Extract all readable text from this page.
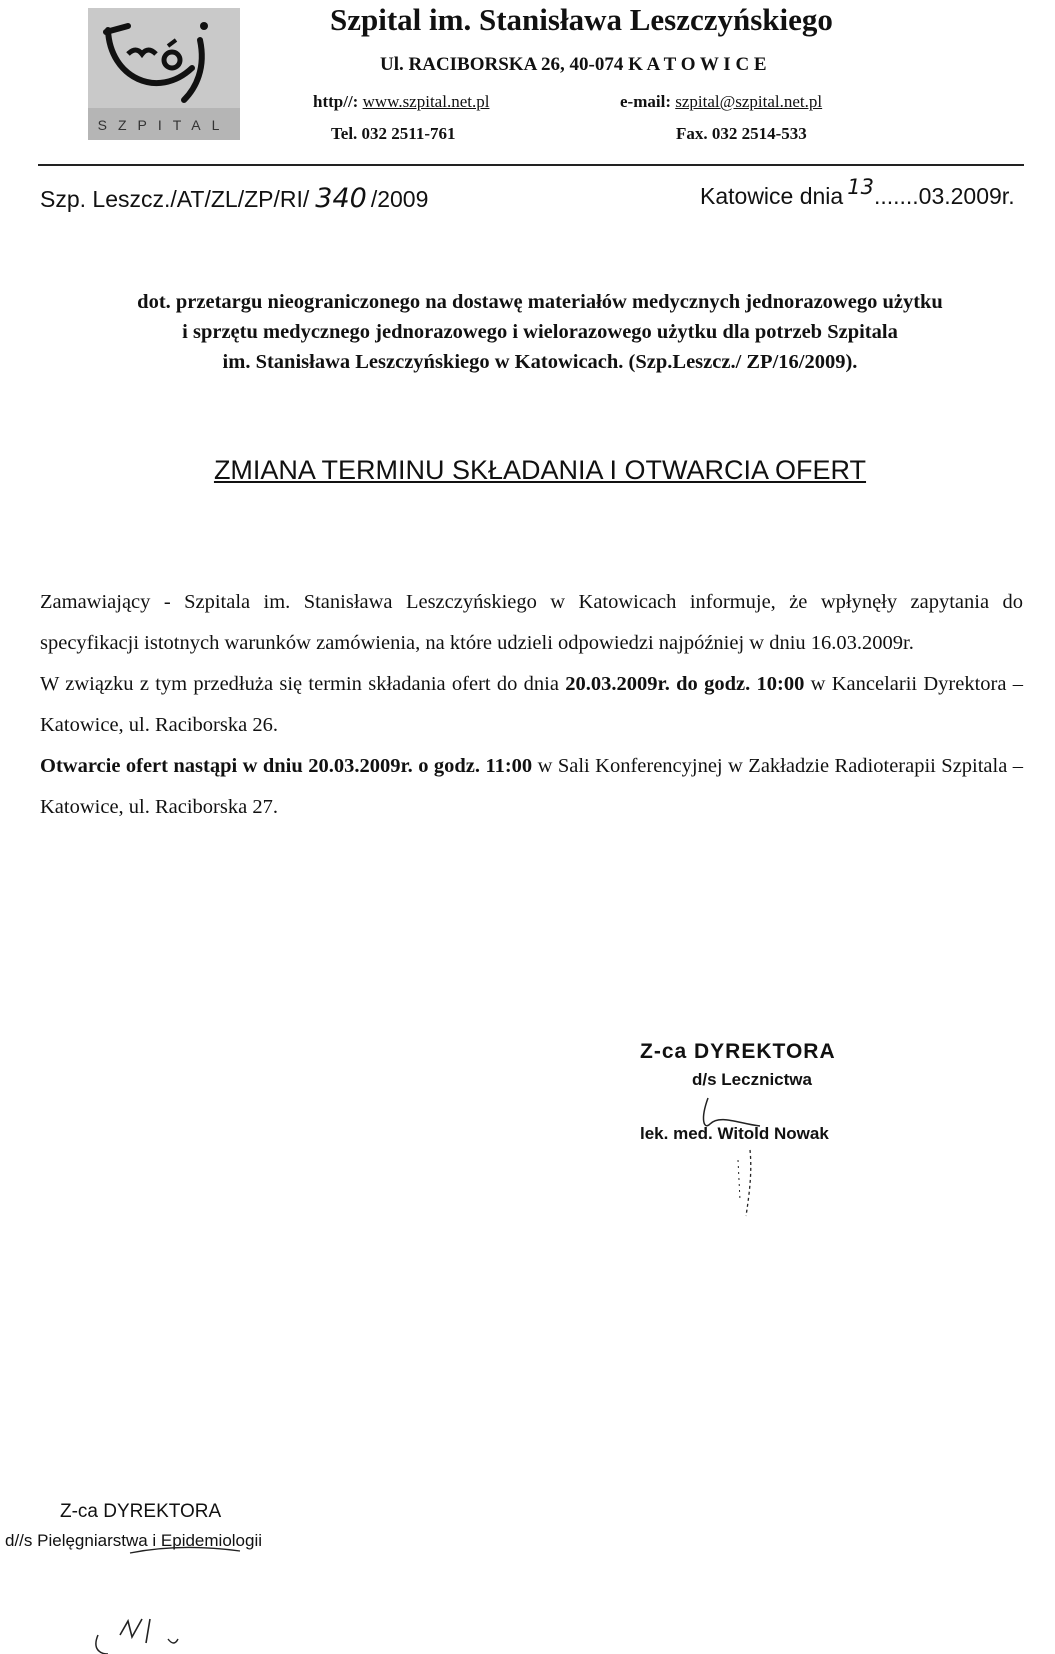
SZPITAL
Szpital im. Stanisława Leszczyńskiego
Ul. RACIBORSKA 26, 40-074 K A T O W I C E
http//: www.szpital.net.pl	e-mail: szpital@szpital.net.pl
Tel. 032 2511-761	Fax. 032 2514-533
Szp. Leszcz./AT/ZL/ZP/RI/ 340 /2009	Katowice dnia 13.......03.2009r.
dot. przetargu nieograniczonego na dostawę materiałów medycznych jednorazowego użytku
i sprzętu medycznego jednorazowego i wielorazowego użytku dla potrzeb Szpitala
im. Stanisława Leszczyńskiego w Katowicach. (Szp.Leszcz./ ZP/16/2009).
ZMIANA TERMINU SKŁADANIA I OTWARCIA OFERT

Zamawiający - Szpitala im. Stanisława Leszczyńskiego w Katowicach informuje, że wpłynęły zapytania do specyfikacji istotnych warunków zamówienia, na które udzieli odpowiedzi najpóźniej w dniu 16.03.2009r.

W związku z tym przedłuża się termin składania ofert do dnia 20.03.2009r. do godz. 10:00 w Kancelarii Dyrektora – Katowice, ul. Raciborska 26.

Otwarcie ofert nastąpi w dniu 20.03.2009r. o godz. 11:00 w Sali Konferencyjnej w Zakładzie Radioterapii Szpitala – Katowice, ul. Raciborska 27.

Z-ca DYREKTORA
d/s Lecznictwa
lek. med. Witold Nowak
Z-ca DYREKTORA
d//s Pielęgniarstwa i Epidemiologii
